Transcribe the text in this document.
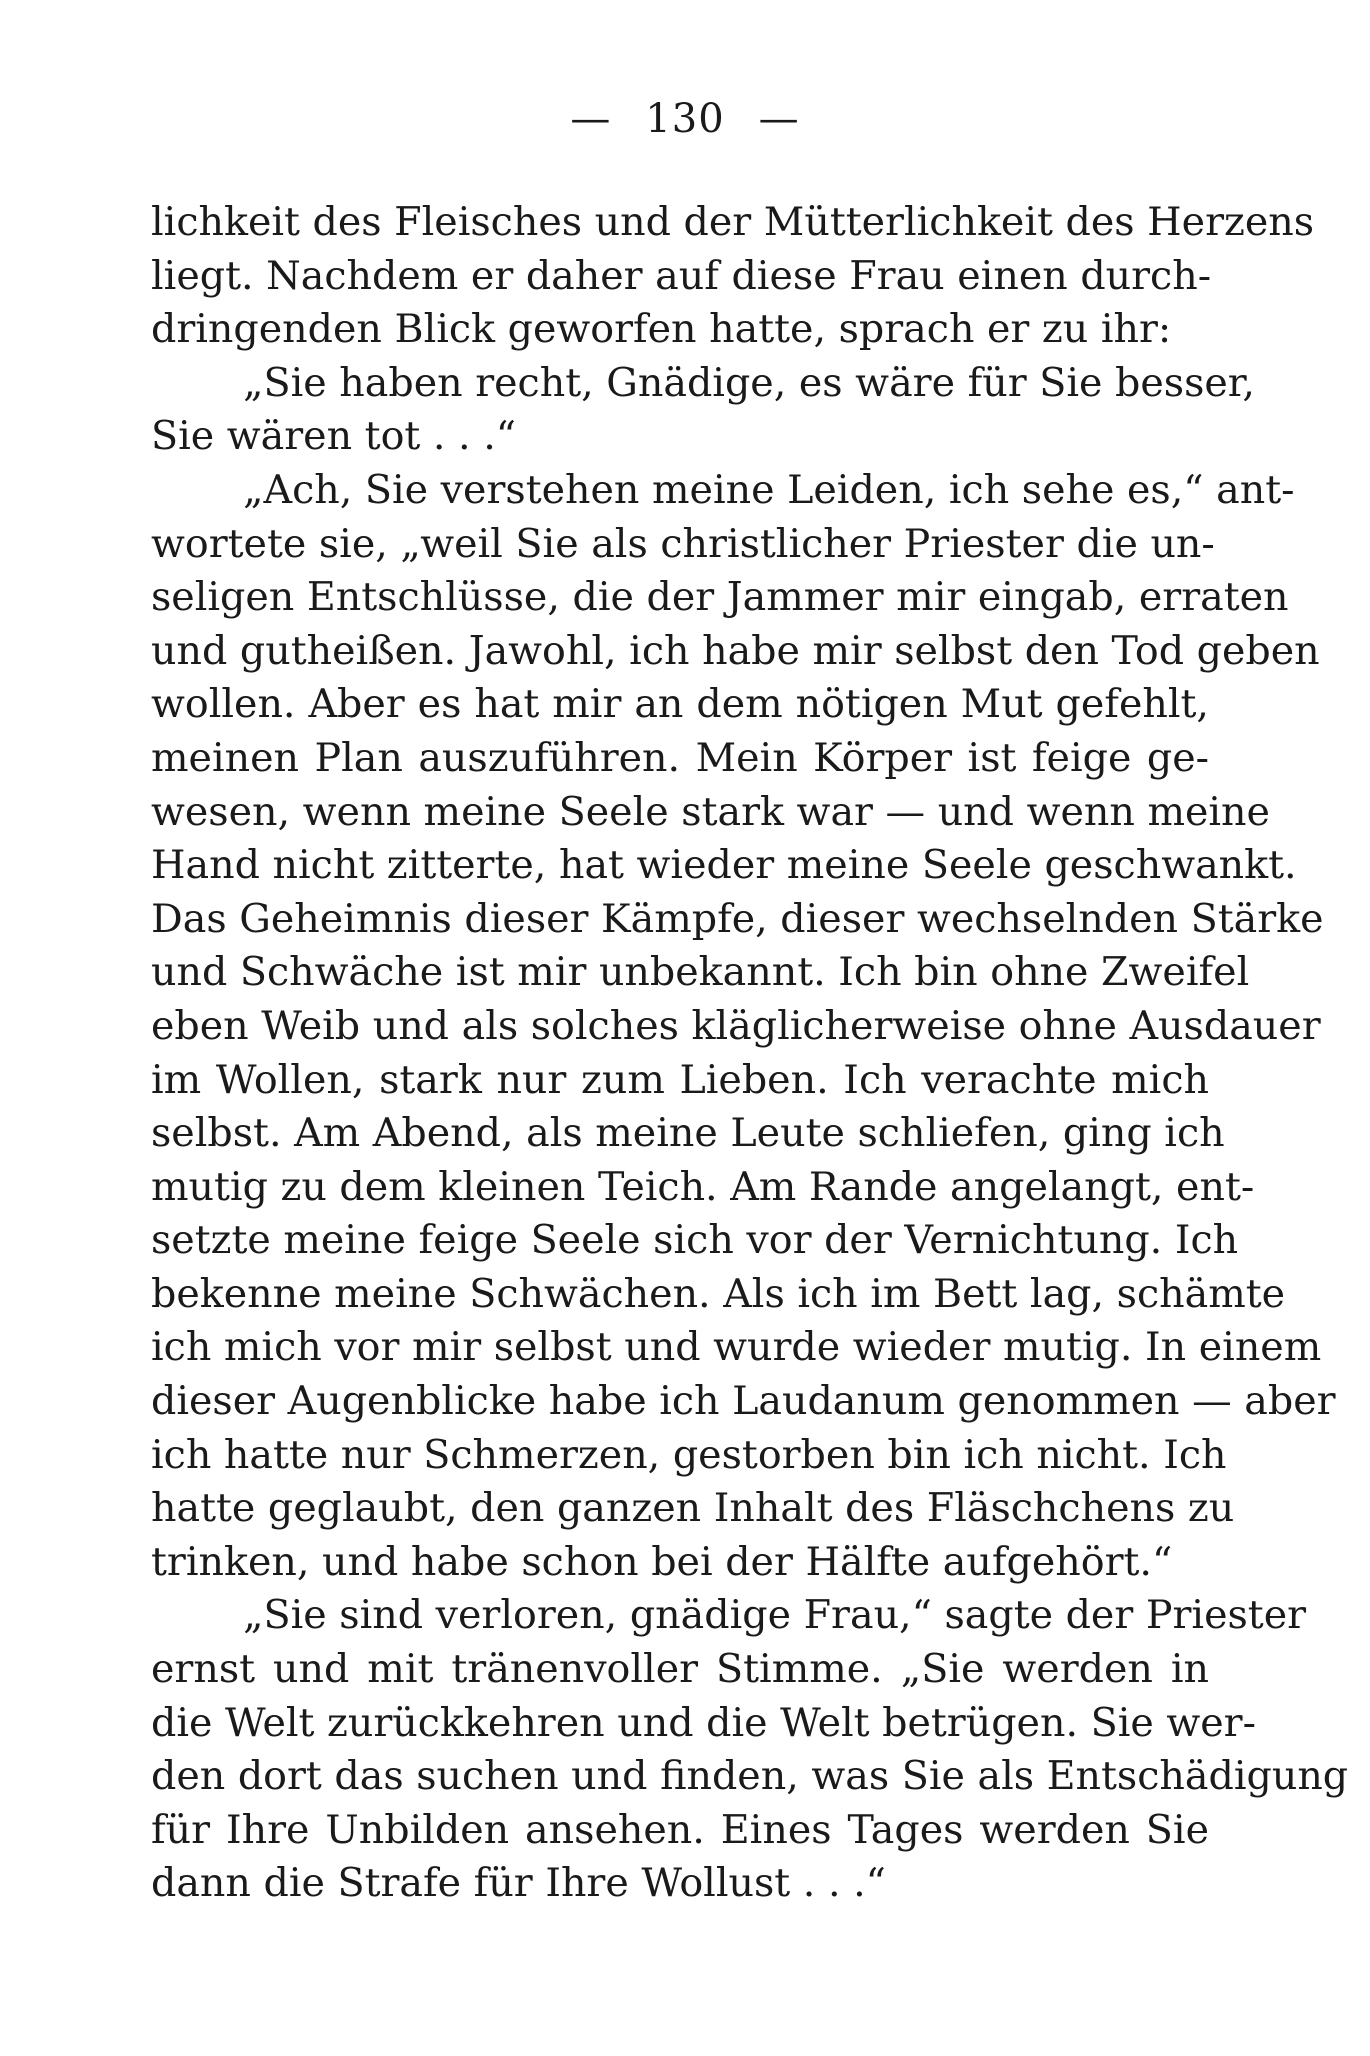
— 130 —
lichkeit des Fleisches und der Mütterlichkeit des Herzens
liegt. Nachdem er daher auf diese Frau einen durch-
dringenden Blick geworfen hatte, sprach er zu ihr:
„Sie haben recht, Gnädige, es wäre für Sie besser,
Sie wären tot . . .“
„Ach, Sie verstehen meine Leiden, ich sehe es,“ ant-
wortete sie, „weil Sie als christlicher Priester die un-
seligen Entschlüsse, die der Jammer mir eingab, erraten
und gutheißen. Jawohl, ich habe mir selbst den Tod geben
wollen. Aber es hat mir an dem nötigen Mut gefehlt,
meinen Plan auszuführen. Mein Körper ist feige ge-
wesen, wenn meine Seele stark war — und wenn meine
Hand nicht zitterte, hat wieder meine Seele geschwankt.
Das Geheimnis dieser Kämpfe, dieser wechselnden Stärke
und Schwäche ist mir unbekannt. Ich bin ohne Zweifel
eben Weib und als solches kläglicherweise ohne Ausdauer
im Wollen, stark nur zum Lieben. Ich verachte mich
selbst. Am Abend, als meine Leute schliefen, ging ich
mutig zu dem kleinen Teich. Am Rande angelangt, ent-
setzte meine feige Seele sich vor der Vernichtung. Ich
bekenne meine Schwächen. Als ich im Bett lag, schämte
ich mich vor mir selbst und wurde wieder mutig. In einem
dieser Augenblicke habe ich Laudanum genommen — aber
ich hatte nur Schmerzen, gestorben bin ich nicht. Ich
hatte geglaubt, den ganzen Inhalt des Fläschchens zu
trinken, und habe schon bei der Hälfte aufgehört.“
„Sie sind verloren, gnädige Frau,“ sagte der Priester
ernst und mit tränenvoller Stimme. „Sie werden in
die Welt zurückkehren und die Welt betrügen. Sie wer-
den dort das suchen und finden, was Sie als Entschädigung
für Ihre Unbilden ansehen. Eines Tages werden Sie
dann die Strafe für Ihre Wollust . . .“
